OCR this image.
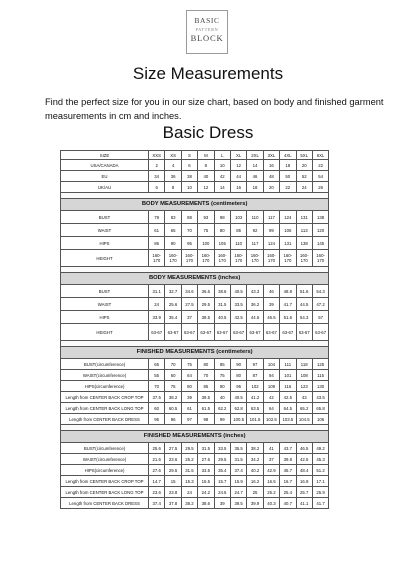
BASIC
PATTERN
BLOCK
Size Measurements

Find the perfect size for you in our size chart, based on body and finished garment measurements in cm and inches.

Basic Dress
SIZE	XXS	XS	S	M	L	XL	2XL	3XL	4XL	5XL	6XL
USA/CANADA	2	4	6	8	10	12	14	16	18	20	22
EU	34	36	38	40	42	44	46	48	50	52	54
UK/AU	6	8	10	12	14	16	18	20	22	24	26

BODY MEASUREMENTS (centimeters)											
BUST	79	83	88	93	98	103	110	117	124	131	138
WAIST	61	65	70	75	80	85	92	99	106	113	120
HIPS	86	90	95	100	105	110	117	124	131	138	145
HEIGHT	160-170	160-170	160-170	160-170	160-170	160-170	160-170	160-170	160-170	160-170	160-170

BODY MEASUREMENTS (inches)											
BUST	31.1	32.7	34.6	36.6	38.6	40.5	43.3	46	48.8	51.6	54.3
WAIST	24	25.6	27.5	29.5	31.5	33.5	36.2	39	41.7	44.5	47.2
HIPS	33.9	35.4	37	38.5	40.5	42.5	44.5	46.5	51.6	54.3	57
HEIGHT	63-67	63-67	63-67	63-67	63-67	63-67	63-67	63-67	63-67	63-67	63-67

FINISHED MEASUREMENTS (centimeters)											
BUST(circumference)	65	70	75	80	85	90	97	104	111	118	125
WAIST(circumference)	55	60	64	70	75	80	87	94	101	108	115
HIPS(circumference)	70	75	80	85	90	95	102	109	116	123	130
Length from CENTER BACK CROP TOP	37.5	38.2	39	39.5	40	40.5	41.2	42	42.5	43	43.5
Length from CENTER BACK LONG TOP	60	60.5	61	61.5	62.2	62.8	63.5	64	64.5	65.2	65.8
Length from CENTER BACK DRESS	95	96	97	98	99	100.5	101.5	102.5	103.5	104.5	106

FINISHED MEASUREMENTS (inches)											
BUST(circumference)	25.6	27.5	29.5	31.5	33.5	35.5	38.2	41	43.7	46.5	49.2
WAIST(circumference)	21.6	23.6	25.2	27.6	29.5	31.5	34.2	37	39.8	42.5	45.3
HIPS(circumference)	27.6	29.5	31.5	33.5	35.4	37.4	40.2	42.9	45.7	48.4	51.2
Length from CENTER BACK CROP TOP	14.7	15	15.3	15.5	15.7	15.9	16.2	16.5	16.7	16.9	17.1
Length from CENTER BACK LONG TOP	23.6	23.8	24	24.2	24.5	24.7	25	25.2	25.4	25.7	25.9
Length from CENTER BACK DRESS	37.4	37.8	38.2	38.6	39	39.5	39.9	40.3	40.7	41.1	41.7
